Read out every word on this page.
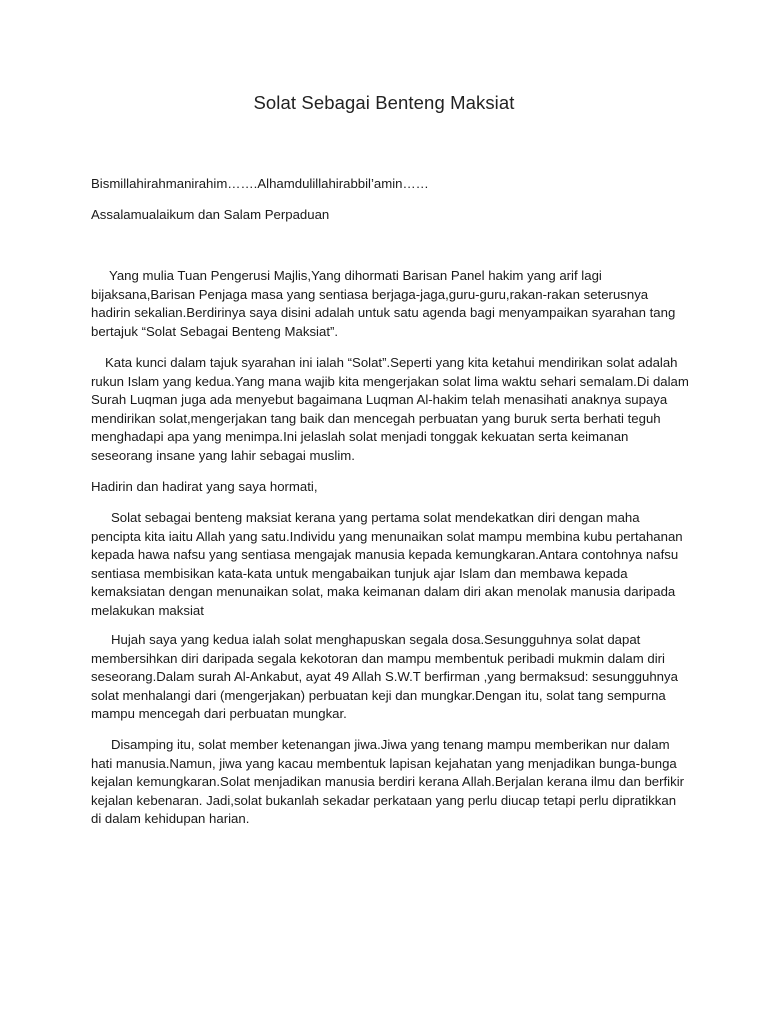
Solat Sebagai Benteng Maksiat

Bismillahirahmanirahim…….Alhamdulillahirabbil’amin……

Assalamualaikum dan Salam Perpaduan

Yang mulia Tuan Pengerusi Majlis,Yang dihormati Barisan Panel hakim yang arif lagi bijaksana,Barisan Penjaga masa yang sentiasa berjaga-jaga,guru-guru,rakan-rakan seterusnya hadirin sekalian.Berdirinya saya disini adalah untuk satu agenda bagi menyampaikan syarahan tang bertajuk “Solat Sebagai Benteng Maksiat”.

Kata kunci dalam tajuk syarahan ini ialah “Solat”.Seperti yang kita ketahui mendirikan solat adalah rukun Islam yang kedua.Yang mana wajib kita mengerjakan solat lima waktu sehari semalam.Di dalam Surah Luqman juga ada menyebut bagaimana Luqman Al-hakim telah menasihati anaknya supaya mendirikan solat,mengerjakan tang baik dan mencegah perbuatan yang buruk serta berhati teguh menghadapi apa yang menimpa.Ini jelaslah solat menjadi tonggak kekuatan serta keimanan seseorang insane yang lahir sebagai muslim.

Hadirin dan hadirat yang saya hormati,

Solat sebagai benteng maksiat kerana yang pertama solat mendekatkan diri dengan maha pencipta kita iaitu Allah yang satu.Individu yang menunaikan solat mampu membina kubu pertahanan kepada hawa nafsu yang sentiasa mengajak manusia kepada kemungkaran.Antara contohnya nafsu sentiasa membisikan kata-kata untuk mengabaikan tunjuk ajar Islam dan membawa kepada kemaksiatan dengan menunaikan solat, maka keimanan dalam diri akan menolak manusia daripada melakukan maksiat

Hujah saya yang kedua ialah solat menghapuskan segala dosa.Sesungguhnya solat dapat membersihkan diri daripada segala kekotoran dan mampu membentuk peribadi mukmin dalam diri seseorang.Dalam surah Al-Ankabut, ayat 49 Allah S.W.T berfirman ,yang bermaksud: sesungguhnya solat menhalangi dari (mengerjakan) perbuatan keji dan mungkar.Dengan itu, solat tang sempurna mampu mencegah dari perbuatan mungkar.

Disamping itu, solat member ketenangan jiwa.Jiwa yang tenang mampu memberikan nur dalam hati manusia.Namun, jiwa yang kacau membentuk lapisan kejahatan yang menjadikan bunga-bunga kejalan kemungkaran.Solat menjadikan manusia berdiri kerana Allah.Berjalan kerana ilmu dan berfikir kejalan kebenaran. Jadi,solat bukanlah sekadar perkataan yang perlu diucap tetapi perlu dipratikkan di dalam kehidupan harian.
